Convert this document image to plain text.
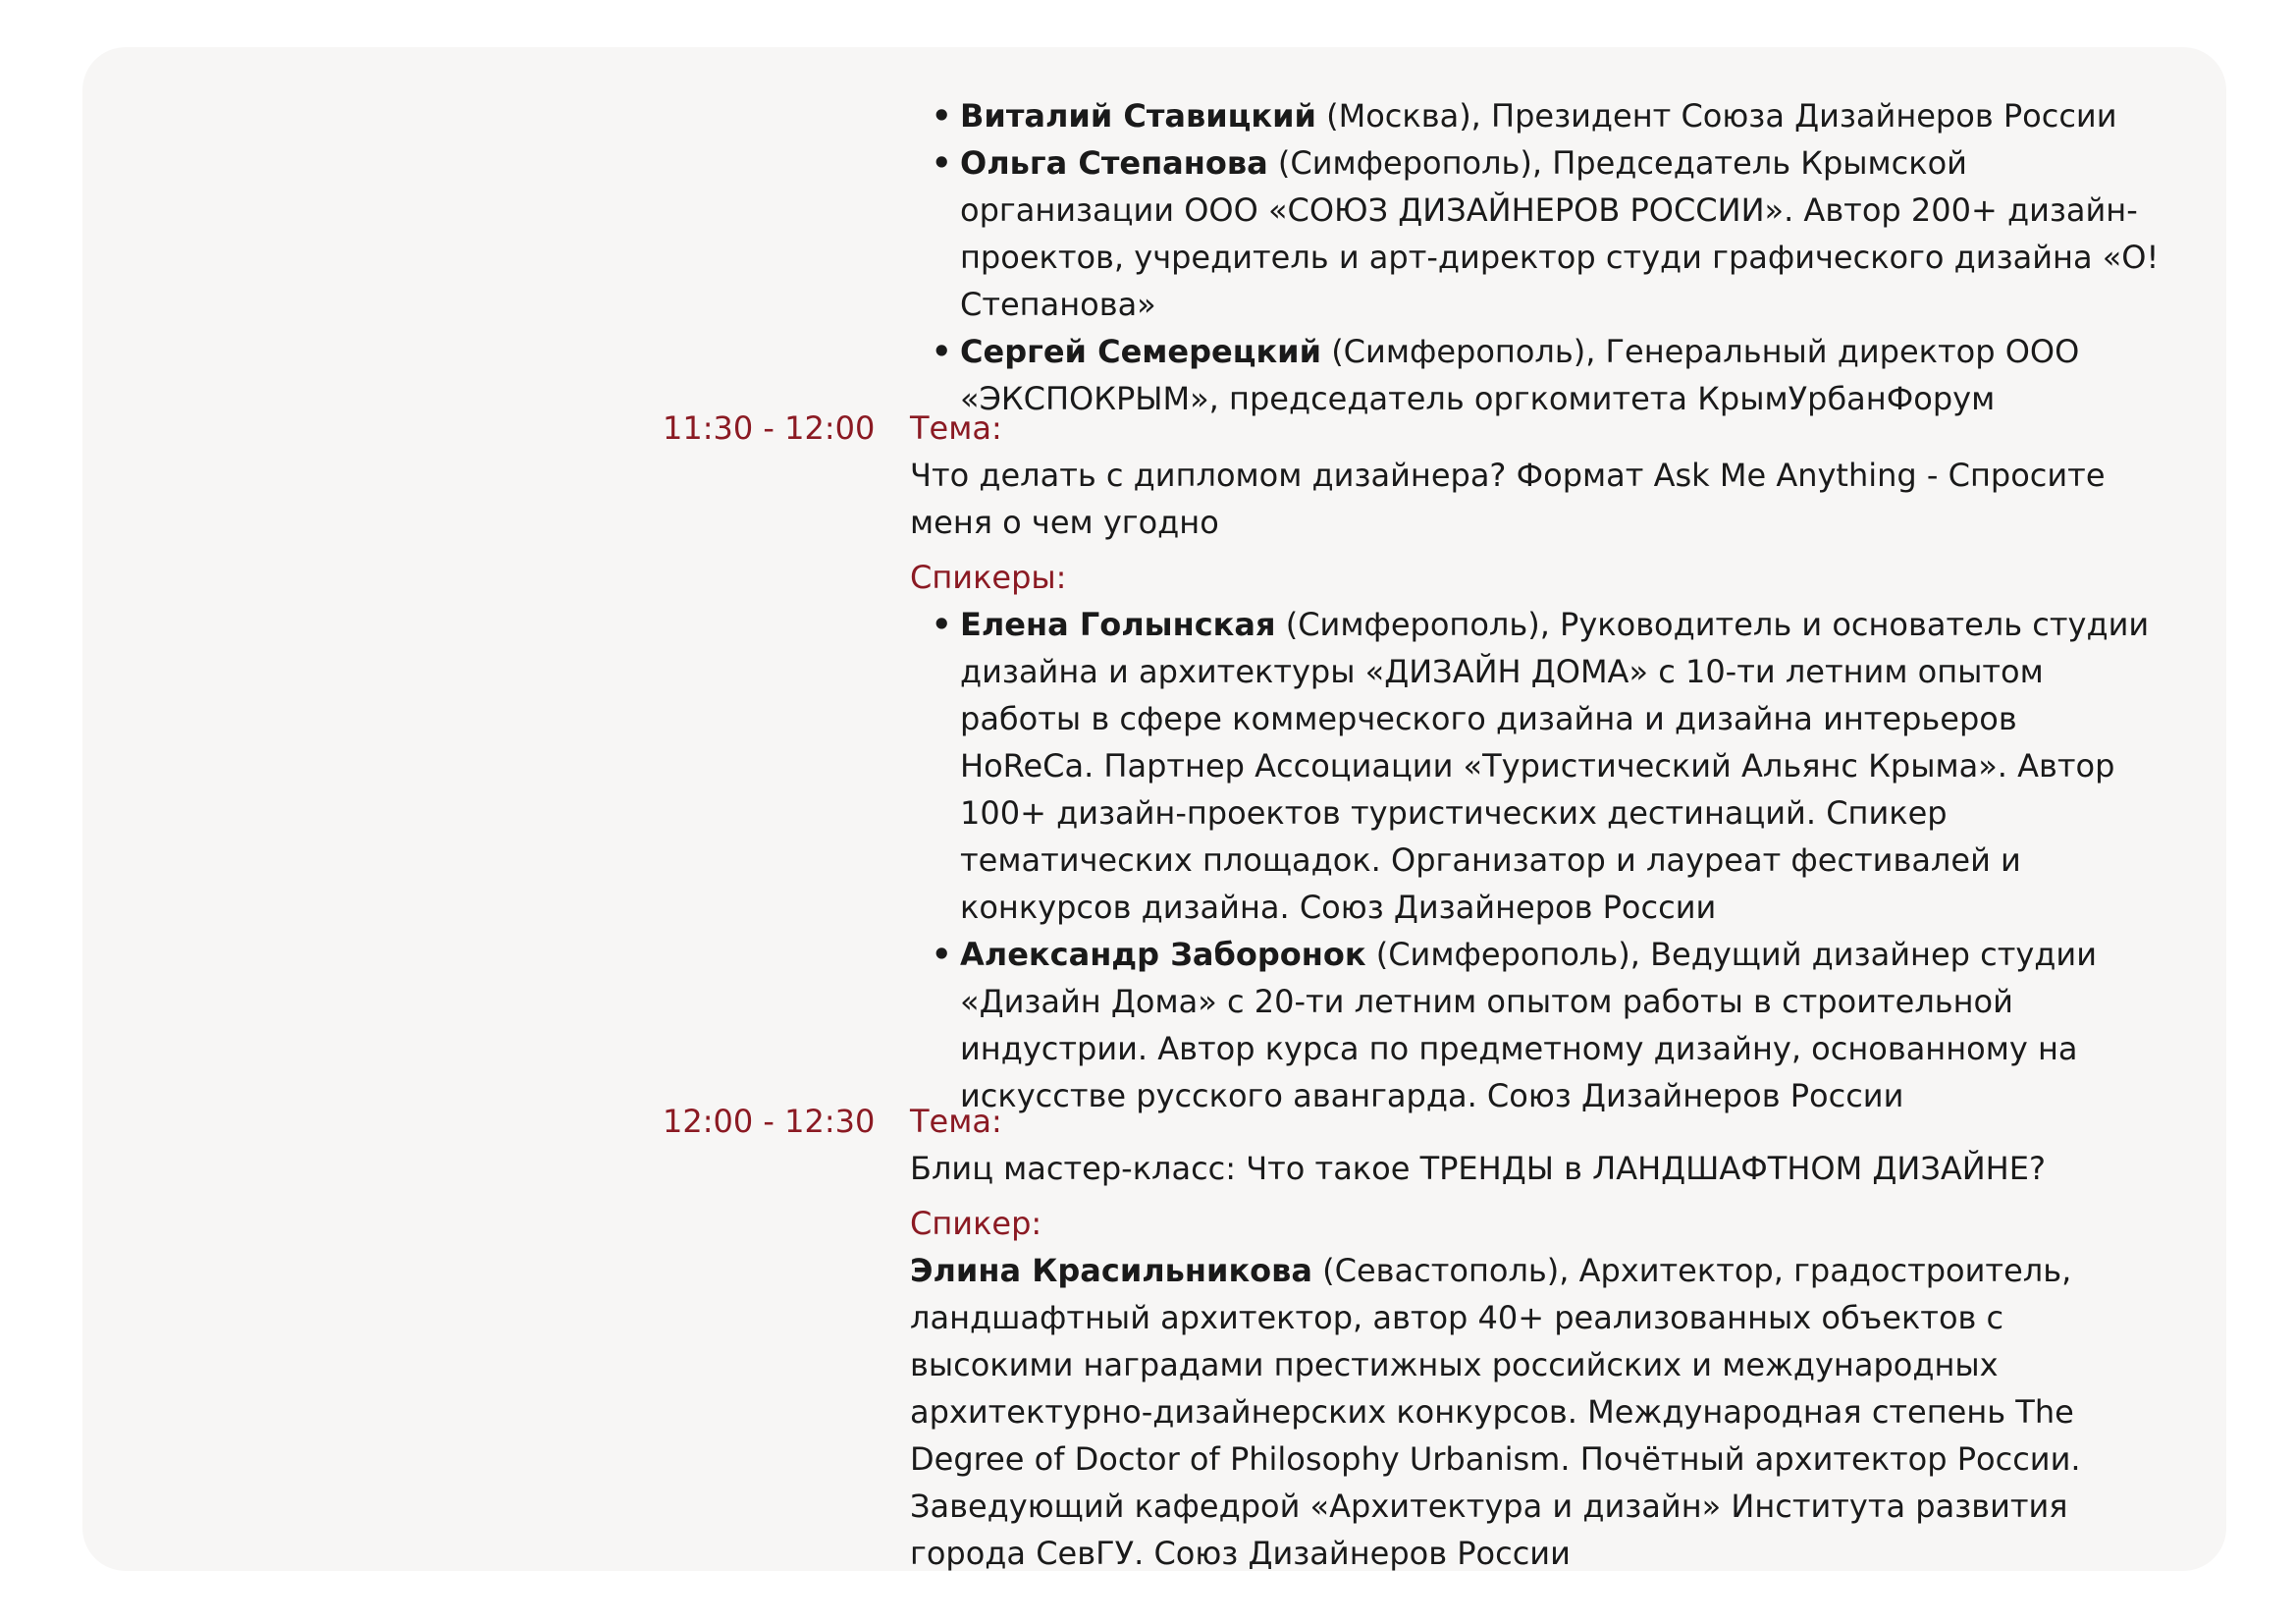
• Виталий Ставицкий (Москва), Президент Союза Дизайнеров России
• Ольга Степанова (Симферополь), Председатель Крымской организации ООО «СОЮЗ ДИЗАЙНЕРОВ РОССИИ». Автор 200+ дизайн-проектов, учредитель и арт-директор студи графического дизайна «О!Степанова»
• Сергей Семерецкий (Симферополь), Генеральный директор ООО «ЭКСПОКРЫМ», председатель оргкомитета КрымУрбанФорум
11:30 - 12:00 Тема:

Что делать с дипломом дизайнера? Формат Ask Me Anything - Спросите меня о чем угодно

Спикеры:

• Елена Голынская (Симферополь), Руководитель и основатель студии дизайна и архитектуры «ДИЗАЙН ДОМА» с 10-ти летним опытом работы в сфере коммерческого дизайна и дизайна интерьеров HoReCa. Партнер Ассоциации «Туристический Альянс Крыма». Автор 100+ дизайн-проектов туристических дестинаций. Спикер тематических площадок. Организатор и лауреат фестивалей и конкурсов дизайна. Союз Дизайнеров России
• Александр Заборонок (Симферополь), Ведущий дизайнер студии «Дизайн Дома» с 20-ти летним опытом работы в строительной индустрии. Автор курса по предметному дизайну, основанному на искусстве русского авангарда. Союз Дизайнеров России
12:00 - 12:30 Тема:

Блиц мастер-класс: Что такое ТРЕНДЫ в ЛАНДШАФТНОМ ДИЗАЙНЕ?

Спикер:

Элина Красильникова (Севастополь), Архитектор, градостроитель, ландшафтный архитектор, автор 40+ реализованных объектов с высокими наградами престижных российских и международных архитектурно-дизайнерских конкурсов. Международная степень The Degree of Doctor of Philosophy Urbanism. Почётный архитектор России. Заведующий кафедрой «Архитектура и дизайн» Института развития города СевГУ. Союз Дизайнеров России
